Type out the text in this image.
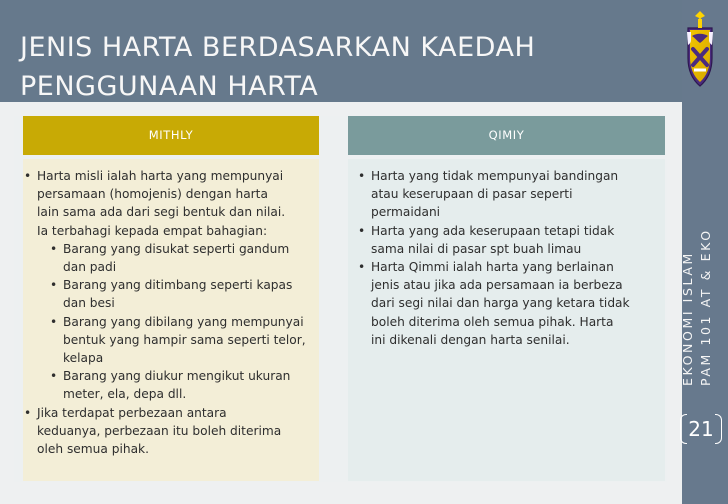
JENIS HARTA BERDASARKAN KAEDAH
PENGGUNAAN HARTA
EKONOMI ISLAM PAM 101 AT & EKO
21
MITHLY
• Harta misli ialah harta yang mempunyai
persamaan (homojenis) dengan harta
lain sama ada dari segi bentuk dan nilai.
Ia terbahagi kepada empat bahagian:
• Barang yang disukat seperti gandum
dan padi
• Barang yang ditimbang seperti kapas
dan besi
• Barang yang dibilang yang mempunyai
bentuk yang hampir sama seperti telor,
kelapa
• Barang yang diukur mengikut ukuran
meter, ela, depa dll.
• Jika terdapat perbezaan antara
keduanya, perbezaan itu boleh diterima
oleh semua pihak.
QIMIY
• Harta yang tidak mempunyai bandingan
atau keserupaan di pasar seperti
permaidani
• Harta yang ada keserupaan tetapi tidak
sama nilai di pasar spt buah limau
• Harta Qimmi ialah harta yang berlainan
jenis atau jika ada persamaan ia berbeza
dari segi nilai dan harga yang ketara tidak
boleh diterima oleh semua pihak. Harta
ini dikenali dengan harta senilai.
